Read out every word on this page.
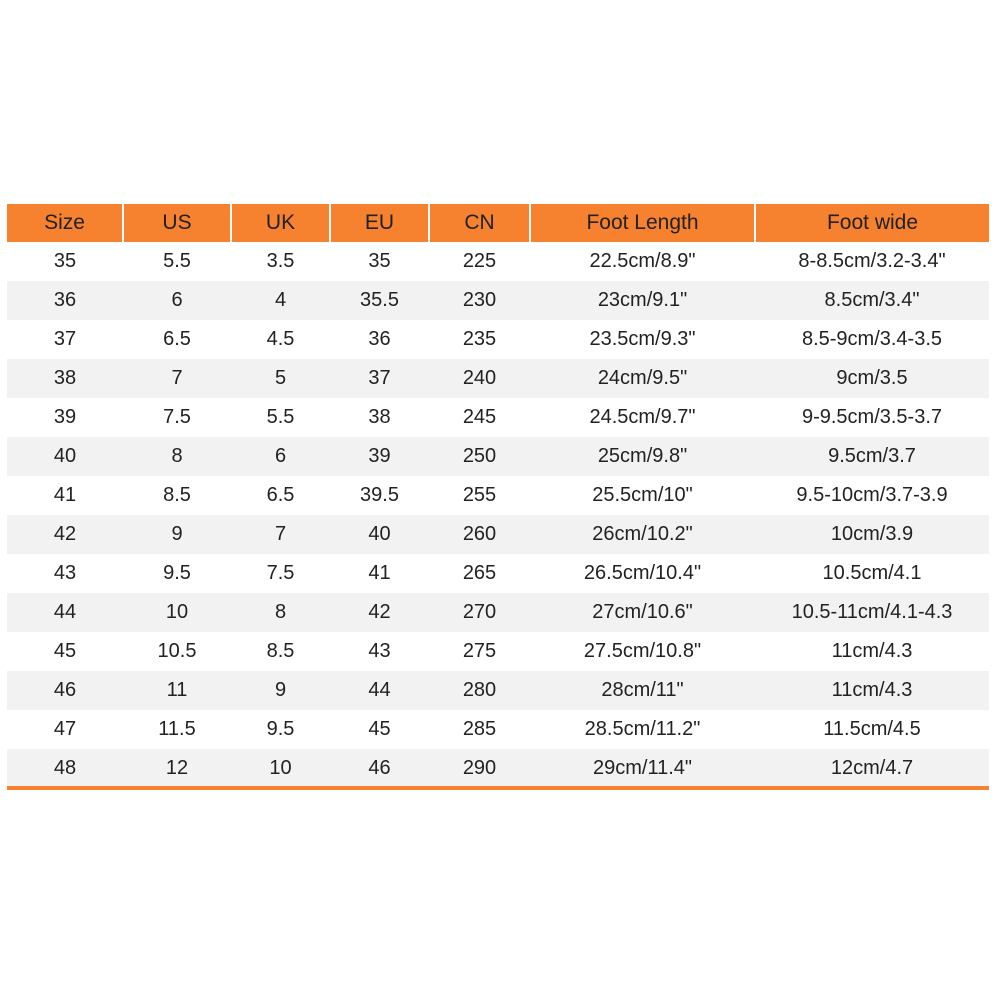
Size	US	UK	EU	CN	Foot Length	Foot wide
35	5.5	3.5	35	225	22.5cm/8.9"	8-8.5cm/3.2-3.4"
36	6	4	35.5	230	23cm/9.1"	8.5cm/3.4"
37	6.5	4.5	36	235	23.5cm/9.3"	8.5-9cm/3.4-3.5
38	7	5	37	240	24cm/9.5"	9cm/3.5
39	7.5	5.5	38	245	24.5cm/9.7"	9-9.5cm/3.5-3.7
40	8	6	39	250	25cm/9.8"	9.5cm/3.7
41	8.5	6.5	39.5	255	25.5cm/10"	9.5-10cm/3.7-3.9
42	9	7	40	260	26cm/10.2"	10cm/3.9
43	9.5	7.5	41	265	26.5cm/10.4"	10.5cm/4.1
44	10	8	42	270	27cm/10.6"	10.5-11cm/4.1-4.3
45	10.5	8.5	43	275	27.5cm/10.8"	11cm/4.3
46	11	9	44	280	28cm/11"	11cm/4.3
47	11.5	9.5	45	285	28.5cm/11.2"	11.5cm/4.5
48	12	10	46	290	29cm/11.4"	12cm/4.7
